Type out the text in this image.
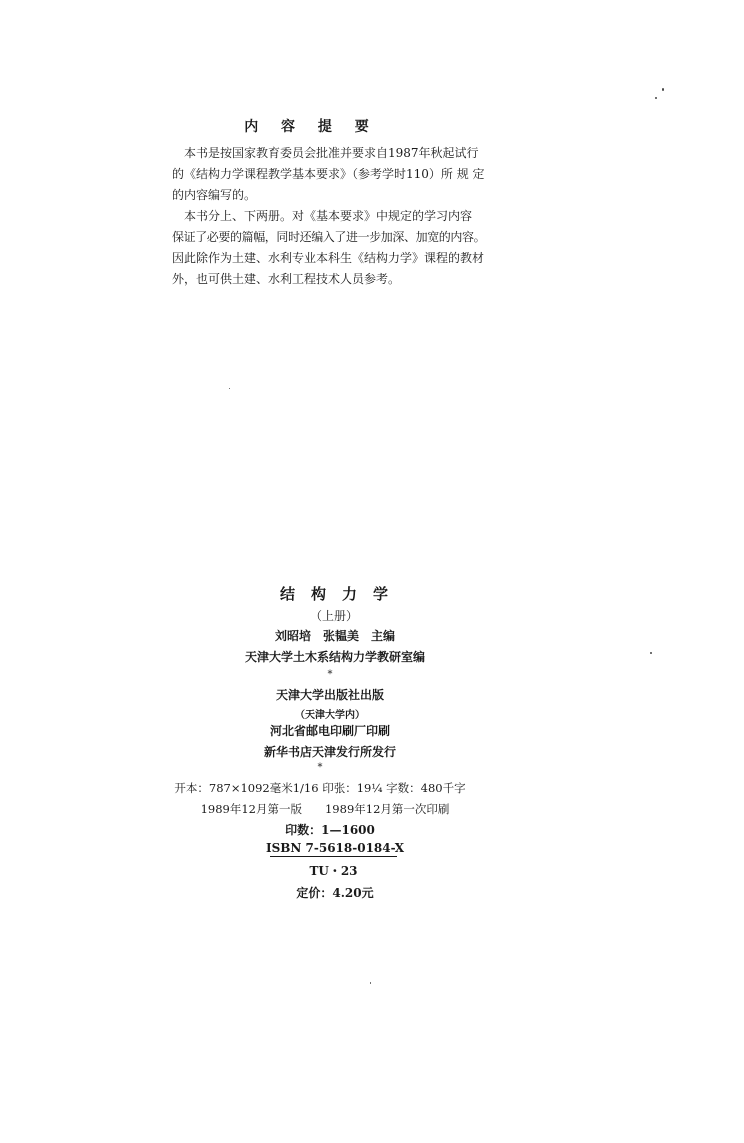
内 容 提 要
　本书是按国家教育委员会批准并要求自1987年秋起试行
的《结构力学课程教学基本要求》（参考学时110）所 规 定
的内容编写的。
　本书分上、下两册。对《基本要求》中规定的学习内容
保证了必要的篇幅，同时还编入了进一步加深、加宽的内容。
因此除作为土建、水利专业本科生《结构力学》课程的教材
外，也可供土建、水利工程技术人员参考。
结构力学
（上册）
刘昭培　张韫美　主编
天津大学土木系结构力学教研室编
*
天津大学出版社出版
（天津大学内）
河北省邮电印刷厂印刷
新华书店天津发行所发行
*
开本：787×1092毫米1/16 印张：19¼ 字数：480千字
1989年12月第一版　　1989年12月第一次印刷
印数：1—1600
ISBN 7-5618-0184-X
TU・23
定价：4.20元
